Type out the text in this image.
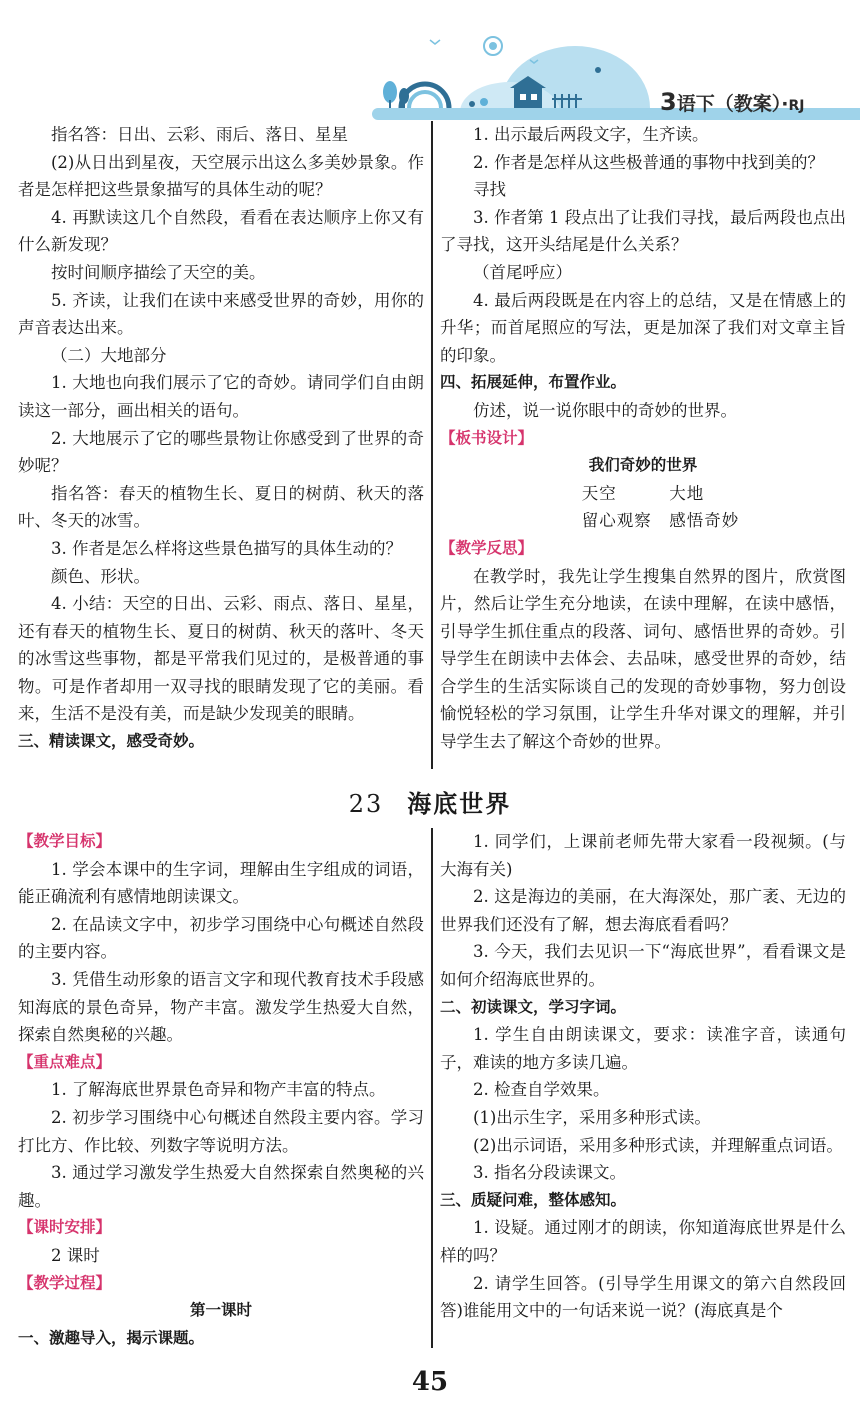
3语下（教案）·RJ

指名答：日出、云彩、雨后、落日、星星

(2)从日出到星夜，天空展示出这么多美妙景象。作者是怎样把这些景象描写的具体生动的呢？

4. 再默读这几个自然段，看看在表达顺序上你又有什么新发现？

按时间顺序描绘了天空的美。

5. 齐读，让我们在读中来感受世界的奇妙，用你的声音表达出来。

（二）大地部分

1. 大地也向我们展示了它的奇妙。请同学们自由朗读这一部分，画出相关的语句。

2. 大地展示了它的哪些景物让你感受到了世界的奇妙呢？

指名答：春天的植物生长、夏日的树荫、秋天的落叶、冬天的冰雪。

3. 作者是怎么样将这些景色描写的具体生动的？

颜色、形状。

4. 小结：天空的日出、云彩、雨点、落日、星星，还有春天的植物生长、夏日的树荫、秋天的落叶、冬天的冰雪这些事物，都是平常我们见过的，是极普通的事物。可是作者却用一双寻找的眼睛发现了它的美丽。看来，生活不是没有美，而是缺少发现美的眼睛。

三、精读课文，感受奇妙。

1. 出示最后两段文字，生齐读。

2. 作者是怎样从这些极普通的事物中找到美的？

寻找

3. 作者第 1 段点出了让我们寻找，最后两段也点出了寻找，这开头结尾是什么关系？

（首尾呼应）

4. 最后两段既是在内容上的总结，又是在情感上的升华；而首尾照应的写法，更是加深了我们对文章主旨的印象。

四、拓展延伸，布置作业。

仿述，说一说你眼中的奇妙的世界。

【板书设计】

我们奇妙的世界

天空　　　大地

　　留心观察　感悟奇妙

【教学反思】

在教学时，我先让学生搜集自然界的图片，欣赏图片，然后让学生充分地读，在读中理解，在读中感悟，引导学生抓住重点的段落、词句、感悟世界的奇妙。引导学生在朗读中去体会、去品味，感受世界的奇妙，结合学生的生活实际谈自己的发现的奇妙事物，努力创设愉悦轻松的学习氛围，让学生升华对课文的理解，并引导学生去了解这个奇妙的世界。

23 海底世界

【教学目标】

1. 学会本课中的生字词，理解由生字组成的词语，能正确流利有感情地朗读课文。

2. 在品读文字中，初步学习围绕中心句概述自然段的主要内容。

3. 凭借生动形象的语言文字和现代教育技术手段感知海底的景色奇异，物产丰富。激发学生热爱大自然，探索自然奥秘的兴趣。

【重点难点】

1. 了解海底世界景色奇异和物产丰富的特点。

2. 初步学习围绕中心句概述自然段主要内容。学习打比方、作比较、列数字等说明方法。

3. 通过学习激发学生热爱大自然探索自然奥秘的兴趣。

【课时安排】

2 课时

【教学过程】

第一课时

一、激趣导入，揭示课题。

1. 同学们，上课前老师先带大家看一段视频。(与大海有关)

2. 这是海边的美丽，在大海深处，那广袤、无边的世界我们还没有了解，想去海底看看吗？

3. 今天，我们去见识一下“海底世界”，看看课文是如何介绍海底世界的。

二、初读课文，学习字词。

1. 学生自由朗读课文，要求：读准字音，读通句子，难读的地方多读几遍。

2. 检查自学效果。

(1)出示生字，采用多种形式读。

(2)出示词语，采用多种形式读，并理解重点词语。

3. 指名分段读课文。

三、质疑问难，整体感知。

1. 设疑。通过刚才的朗读，你知道海底世界是什么样的吗？

2. 请学生回答。(引导学生用课文的第六自然段回答)谁能用文中的一句话来说一说？(海底真是个

45
